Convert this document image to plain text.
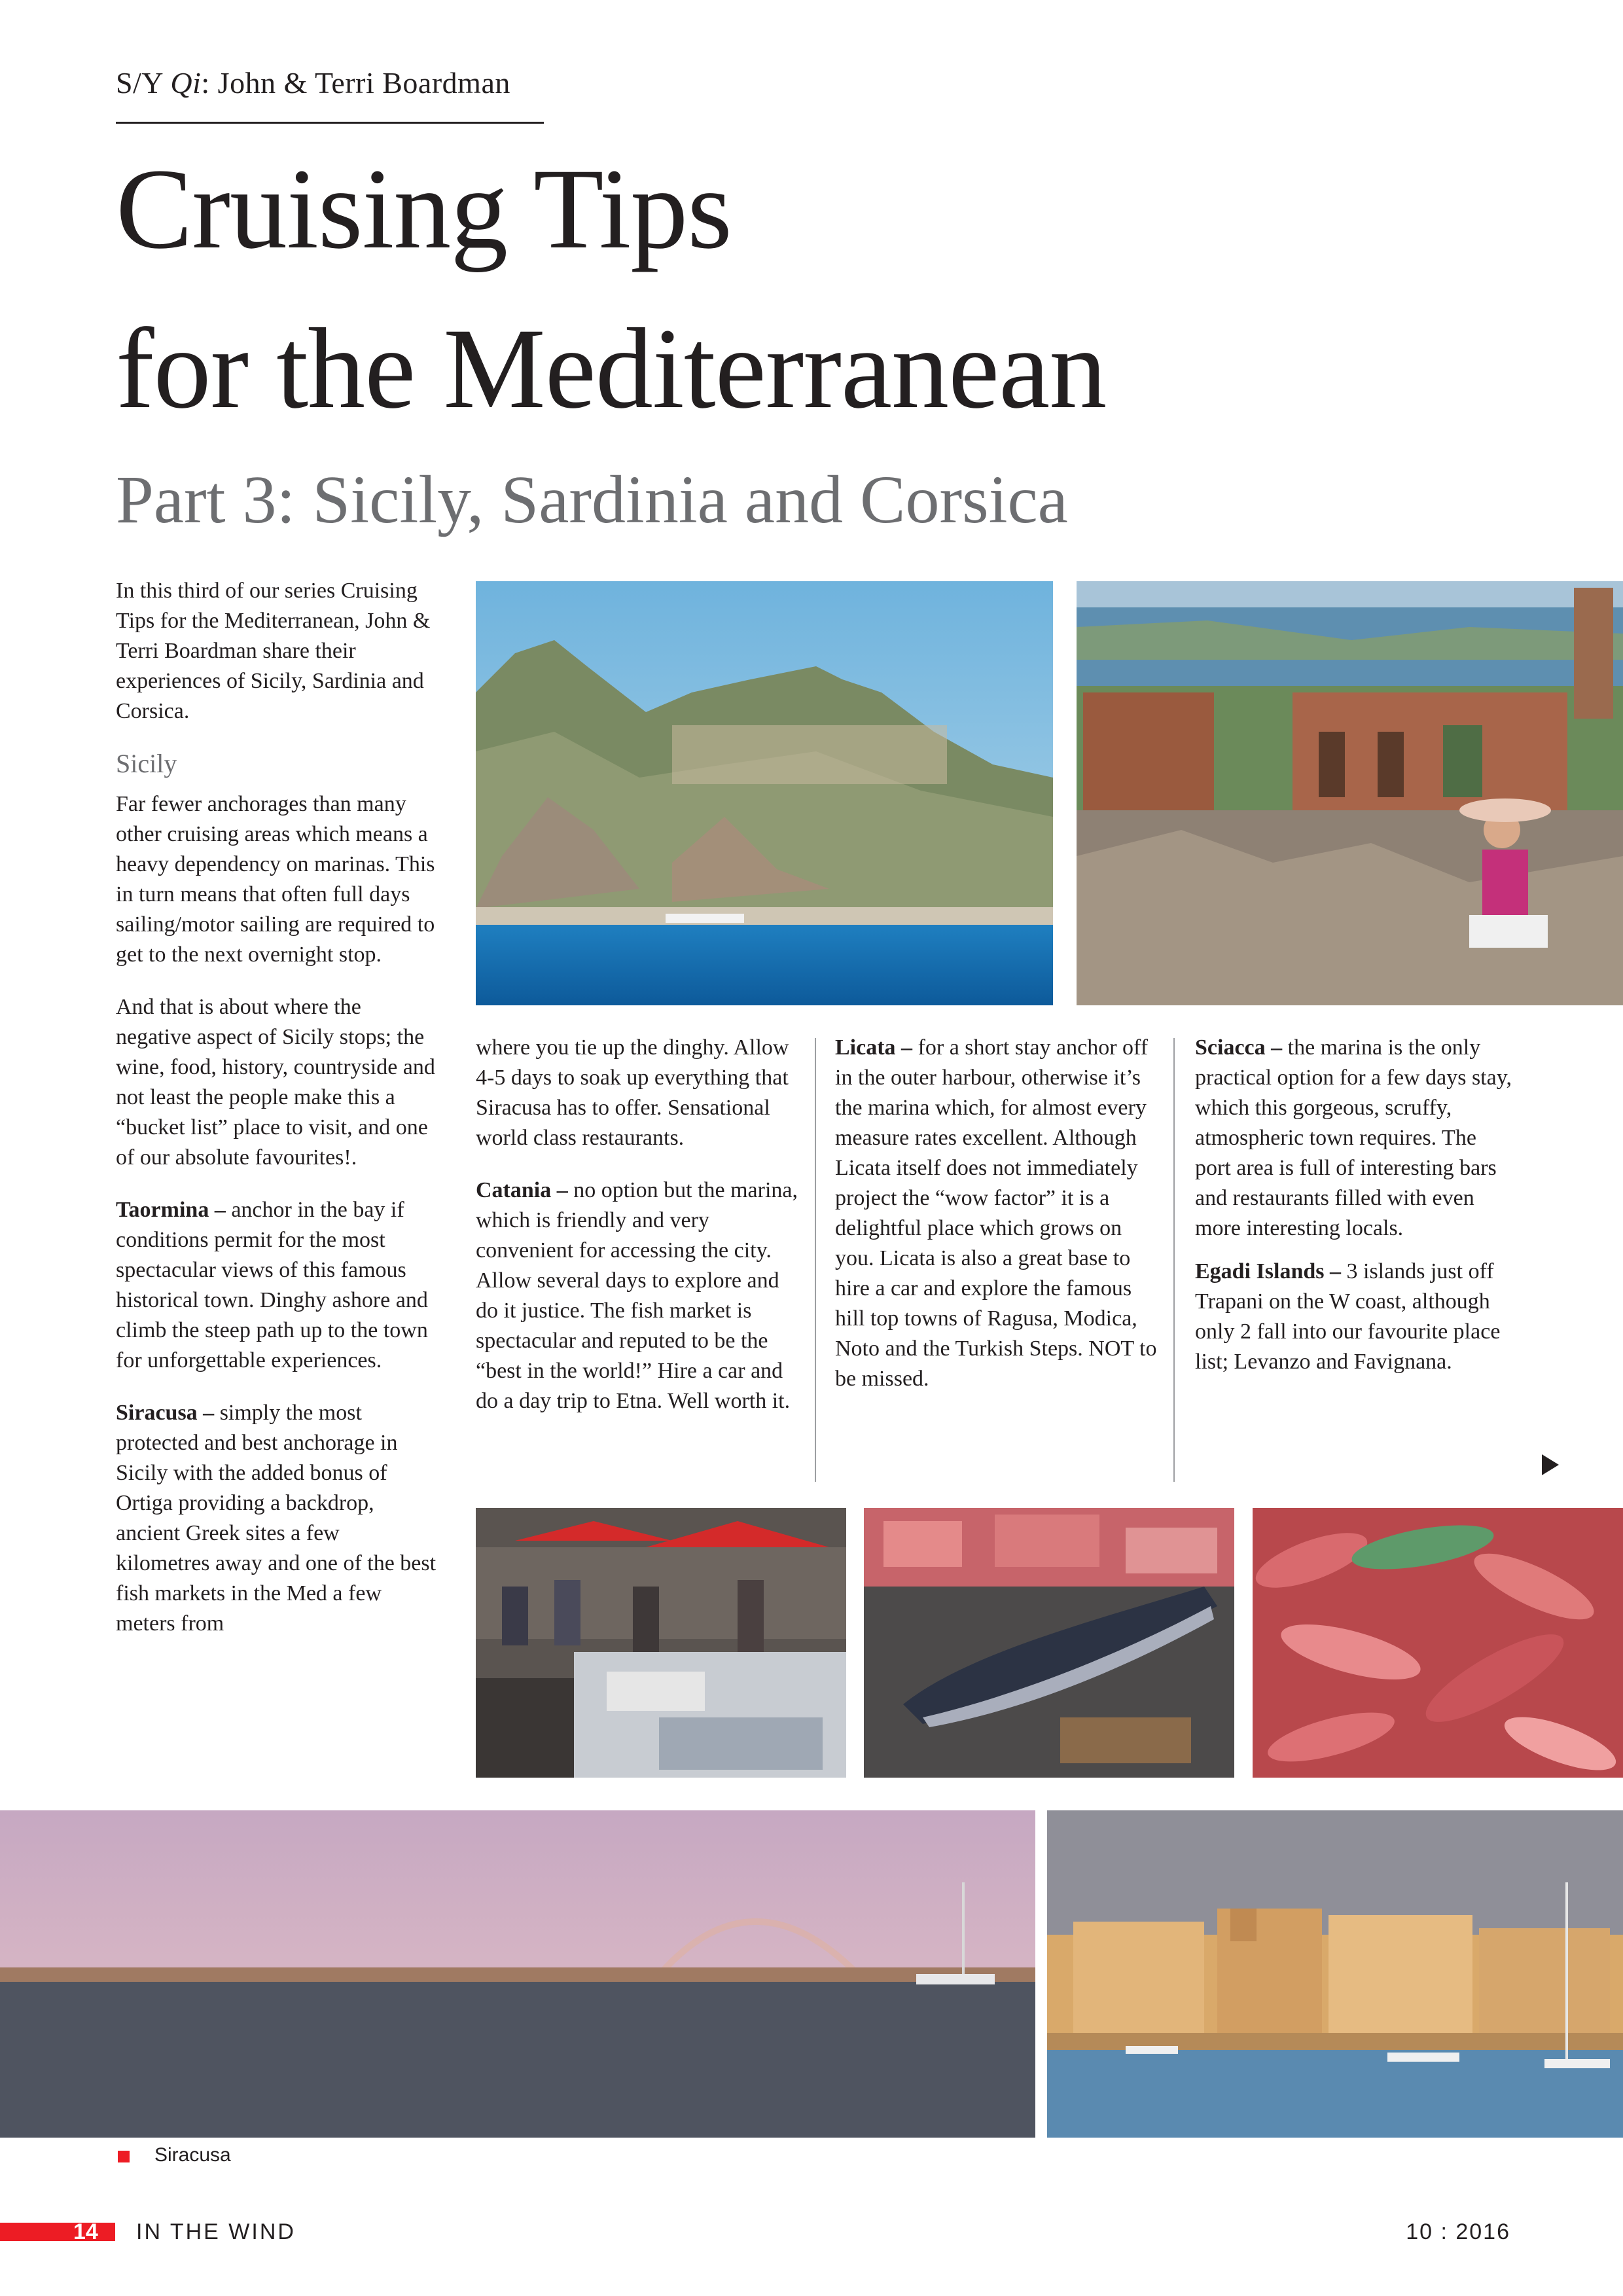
S/Y Qi: John & Terri Boardman
Cruising Tips
for the Mediterranean
Part 3: Sicily, Sardinia and Corsica

In this third of our series Cruising Tips for the Mediterranean, John & Terri Boardman share their experiences of Sicily, Sardinia and Corsica.

Sicily

Far fewer anchorages than many other cruising areas which means a heavy dependency on marinas. This in turn means that often full days sailing/motor sailing are required to get to the next overnight stop.

And that is about where the negative aspect of Sicily stops; the wine, food, history, countryside and not least the people make this a “bucket list” place to visit, and one of our absolute favourites!.

Taormina – anchor in the bay if conditions permit for the most spectacular views of this famous historical town. Dinghy ashore and climb the steep path up to the town for unforgettable experiences.

Siracusa – simply the most protected and best anchorage in Sicily with the added bonus of Ortiga providing a backdrop, ancient Greek sites a few kilometres away and one of the best fish markets in the Med a few meters from

where you tie up the dinghy. Allow 4-5 days to soak up everything that Siracusa has to offer. Sensational world class restaurants.

Catania – no option but the marina, which is friendly and very convenient for accessing the city. Allow several days to explore and do it justice. The fish market is spectacular and reputed to be the “best in the world!” Hire a car and do a day trip to Etna. Well worth it.

Licata – for a short stay anchor off in the outer harbour, otherwise it’s the marina which, for almost every measure rates excellent. Although Licata itself does not immediately project the “wow factor” it is a delightful place which grows on you. Licata is also a great base to hire a car and explore the famous hill top towns of Ragusa, Modica, Noto and the Turkish Steps. NOT to be missed.

Sciacca – the marina is the only practical option for a few days stay, which this gorgeous, scruffy, atmospheric town requires. The port area is full of interesting bars and restaurants filled with even more interesting locals.

Egadi Islands – 3 islands just off Trapani on the W coast, although only 2 fall into our favourite place list; Levanzo and Favignana.

Siracusa
14 IN THE WIND	10 : 2016
